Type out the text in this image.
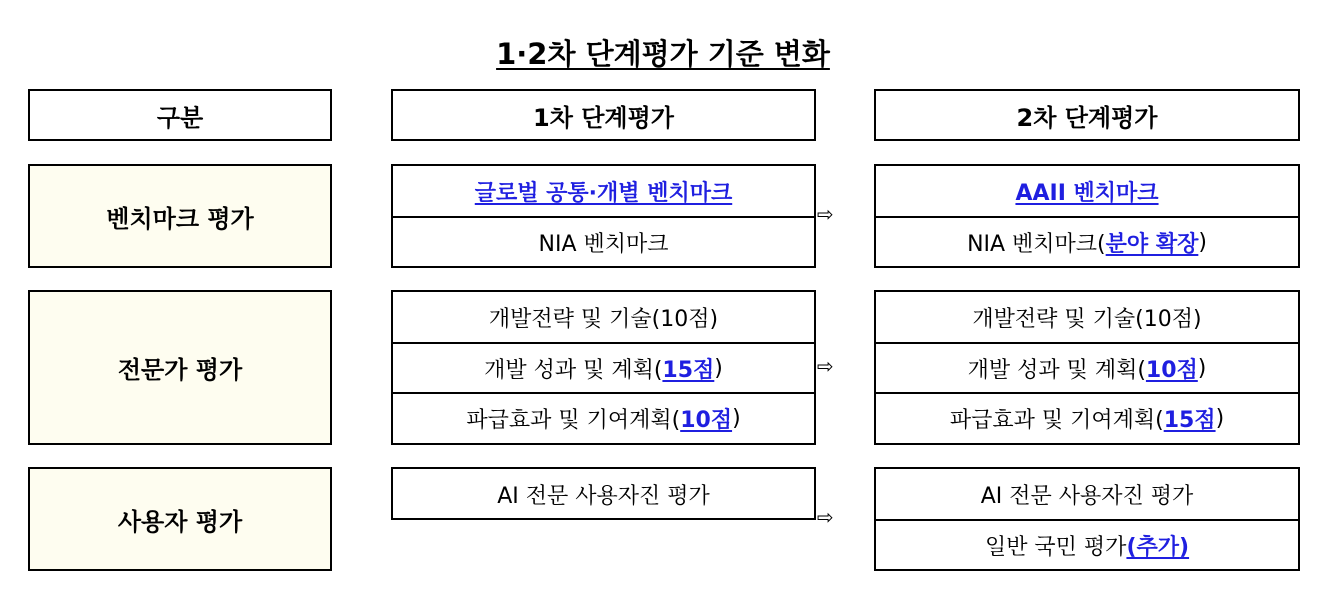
1·2차 단계평가 기준 변화
구분	1차 단계평가	2차 단계평가
벤치마크 평가
글로벌 공통·개별 벤치마크
NIA 벤치마크
⇨
AAII 벤치마크
NIA 벤치마크( 분야 확장 )
전문가 평가
개발전략 및 기술(10점)
개발 성과 및 계획( 15점 )
파급효과 및 기여계획( 10점 )
⇨
개발전략 및 기술(10점)
개발 성과 및 계획( 10점 )
파급효과 및 기여계획( 15점 )
사용자 평가
AI 전문 사용자진 평가
⇨
AI 전문 사용자진 평가
일반 국민 평가 (추가)
